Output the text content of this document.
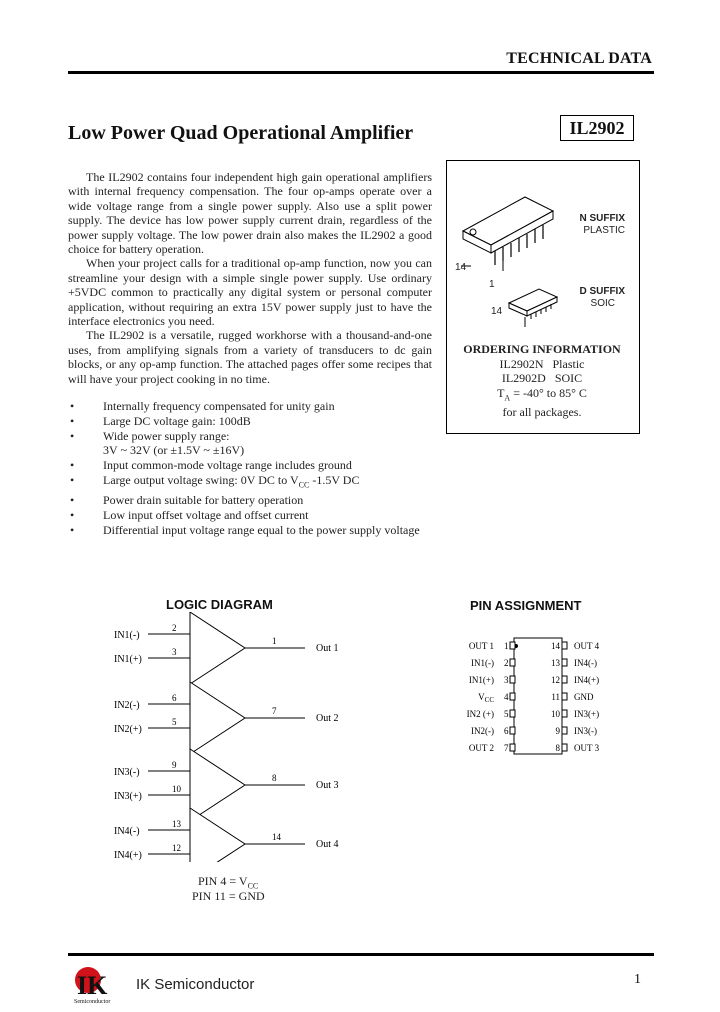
TECHNICAL DATA
Low Power Quad Operational Amplifier	IL2902

The IL2902 contains four independent high gain operational amplifiers with internal frequency compensation. The four op-amps operate over a wide voltage range from a single power supply. Also use a split power supply. The device has low power supply current drain, regardless of the power supply voltage. The low power drain also makes the IL2902 a good choice for battery operation.

When your project calls for a traditional op-amp function, now you can streamline your design with a simple single power supply. Use ordinary +5VDC common to practically any digital system or personal computer application, without requiring an extra 15V power supply just to have the interface electronics you need.

The IL2902 is a versatile, rugged workhorse with a thousand-and-one uses, from amplifying signals from a variety of transducers to dc gain blocks, or any op-amp function. The attached pages offer some recipes that will have your project cooking in no time.

• Internally frequency compensated for unity gain
• Large DC voltage gain: 100dB
• Wide power supply range:
3V ~ 32V (or ±1.5V ~ ±16V)
• Input common-mode voltage range includes ground
• Large output voltage swing: 0V DC to $V_{CC}$ -1.5V DC
• Power drain suitable for battery operation
• Low input offset voltage and offset current
• Differential input voltage range equal to the power supply voltage
14
1
14
N SUFFIX
PLASTIC
D SUFFIX
SOIC
ORDERING INFORMATION
IL2902N Plastic
IL2902D SOIC
$T_A = -40^\circ$ to 85° C
for all packages.
LOGIC DIAGRAM
IN1(-)
IN1(+)
2
3
1
Out 1
IN2(-)
IN2(+)
6
5
7
Out 2
IN3(-)
IN3(+)
9
10
8
Out 3
IN4(-)
IN4(+)
13
12
14
Out 4
PIN $4 = V_{CC}$
PIN 11 = GND
PIN ASSIGNMENT
OUT 1 1
IN1(-) 2
IN1(+) 3
$V_{CC}$ 4
IN2 (+) 5
IN2(-) 6
OUT 2 7
14 OUT 4
13 IN4(-)
12 IN4(+)
11 GND
10 IN3(+)
9 IN3(-)
8 OUT 3
IK
Semiconductor
IK Semiconductor	1
